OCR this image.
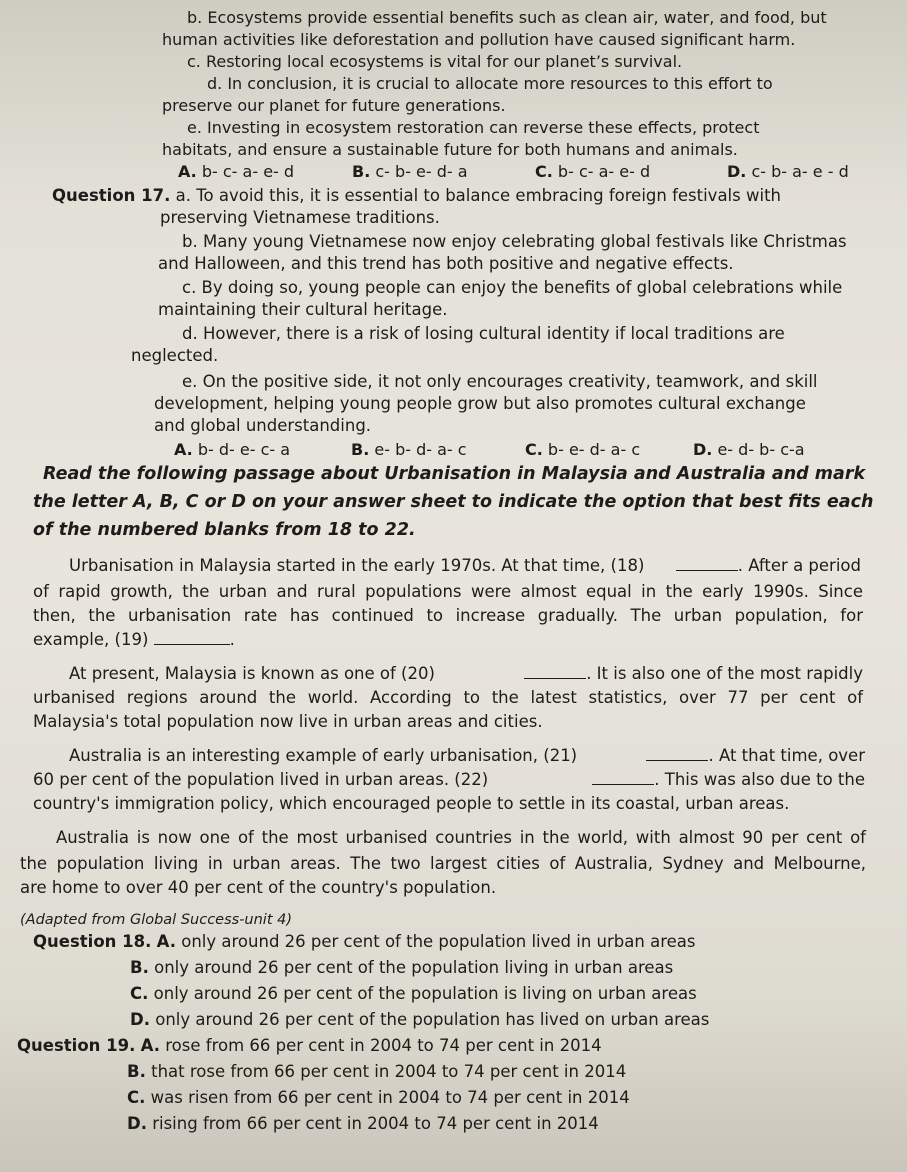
b. Ecosystems provide essential benefits such as clean air, water, and food, but
human activities like deforestation and pollution have caused significant harm.
c. Restoring local ecosystems is vital for our planet’s survival.
d. In conclusion, it is crucial to allocate more resources to this effort to
preserve our planet for future generations.
e. Investing in ecosystem restoration can reverse these effects, protect
habitats, and ensure a sustainable future for both humans and animals.
A. b- c- a- e- d	B. c- b- e- d- a	C. b- c- a- e- d	D. c- b- a- e - d
Question 17. a. To avoid this, it is essential to balance embracing foreign festivals with
preserving Vietnamese traditions.
b. Many young Vietnamese now enjoy celebrating global festivals like Christmas
and Halloween, and this trend has both positive and negative effects.
c. By doing so, young people can enjoy the benefits of global celebrations while
maintaining their cultural heritage.
d. However, there is a risk of losing cultural identity if local traditions are
neglected.
e. On the positive side, it not only encourages creativity, teamwork, and skill
development, helping young people grow but also promotes cultural exchange
and global understanding.
A. b- d- e- c- a	B. e- b- d- a- c	C. b- e- d- a- c	D. e- d- b- c-a
Read the following passage about Urbanisation in Malaysia and Australia and mark
the letter A, B, C or D on your answer sheet to indicate the option that best fits each
of the numbered blanks from 18 to 22.
Urbanisation in Malaysia started in the early 1970s. At that time, (18)	. After a period
of rapid growth, the urban and rural populations were almost equal in the early 1990s. Since
then, the urbanisation rate has continued to increase gradually. The urban population, for
example, (19)	.
At present, Malaysia is known as one of (20)	. It is also one of the most rapidly
urbanised regions around the world. According to the latest statistics, over 77 per cent of
Malaysia's total population now live in urban areas and cities.
Australia is an interesting example of early urbanisation, (21)	. At that time, over
60 per cent of the population lived in urban areas. (22)	. This was also due to the
country's immigration policy, which encouraged people to settle in its coastal, urban areas.
Australia is now one of the most urbanised countries in the world, with almost 90 per cent of
the population living in urban areas. The two largest cities of Australia, Sydney and Melbourne,
are home to over 40 per cent of the country's population.
(Adapted from Global Success-unit 4)
Question 18. A. only around 26 per cent of the population lived in urban areas
B. only around 26 per cent of the population living in urban areas
C. only around 26 per cent of the population is living on urban areas
D. only around 26 per cent of the population has lived on urban areas
Question 19. A. rose from 66 per cent in 2004 to 74 per cent in 2014
B. that rose from 66 per cent in 2004 to 74 per cent in 2014
C. was risen from 66 per cent in 2004 to 74 per cent in 2014
D. rising from 66 per cent in 2004 to 74 per cent in 2014
